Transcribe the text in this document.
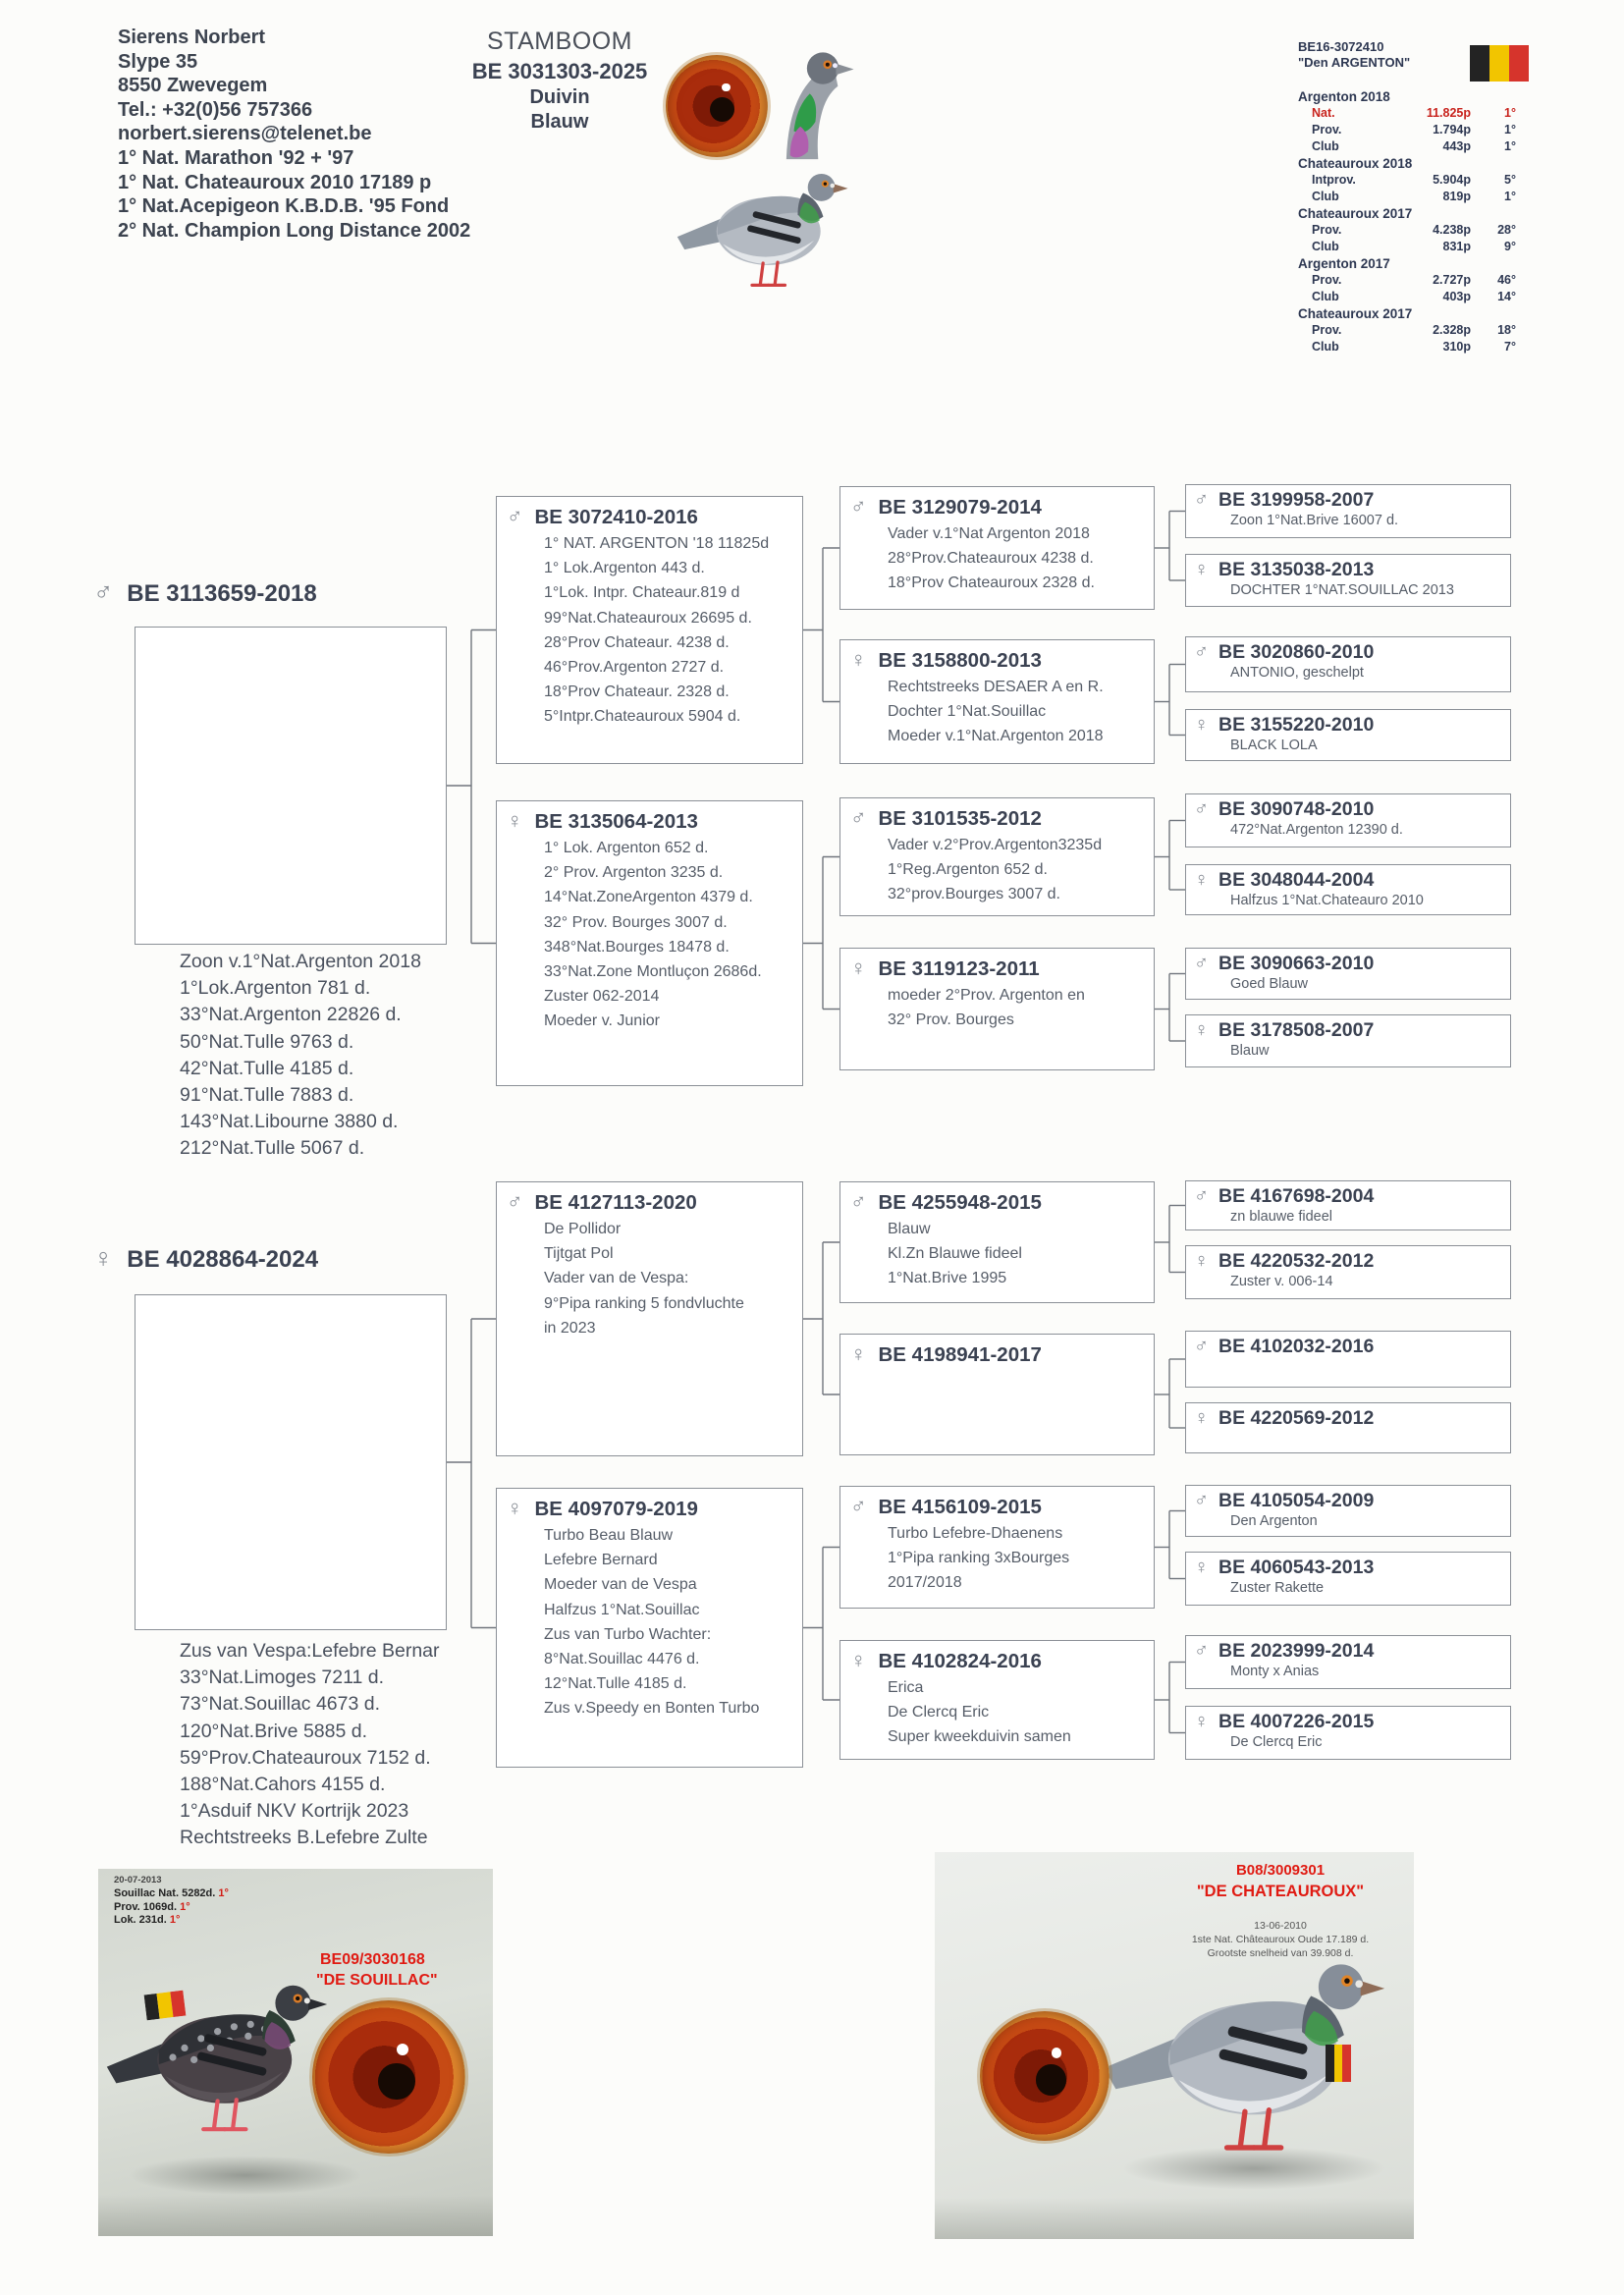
Sierens Norbert
Slype 35
8550 Zwevegem
Tel.: +32(0)56 757366
norbert.sierens@telenet.be
1° Nat. Marathon '92 + '97
1° Nat. Chateauroux 2010 17189 p
1° Nat.Acepigeon K.B.D.B. '95 Fond
2° Nat. Champion Long Distance 2002
STAMBOOM
BE 3031303-2025
Duivin
Blauw
BE16-3072410
"Den ARGENTON"
Argenton 2018
Nat.	11.825p	1°
Prov.	1.794p	1°
Club	443p	1°
Chateauroux 2018
Intprov.	5.904p	5°
Club	819p	1°
Chateauroux 2017
Prov.	4.238p	28°
Club	831p	9°
Argenton 2017
Prov.	2.727p	46°
Club	403p	14°
Chateauroux 2017
Prov.	2.328p	18°
Club	310p	7°
♂ BE 3113659-2018
Zoon v.1°Nat.Argenton 2018
1°Lok.Argenton 781 d.
33°Nat.Argenton 22826 d.
50°Nat.Tulle 9763 d.
42°Nat.Tulle 4185 d.
91°Nat.Tulle 7883 d.
143°Nat.Libourne 3880 d.
212°Nat.Tulle 5067 d.
♀ BE 4028864-2024
Zus van Vespa:Lefebre Bernar
33°Nat.Limoges 7211 d.
73°Nat.Souillac 4673 d.
120°Nat.Brive 5885 d.
59°Prov.Chateauroux 7152 d.
188°Nat.Cahors 4155 d.
1°Asduif NKV Kortrijk 2023
Rechtstreeks B.Lefebre Zulte
♂ BE 3072410-2016
1° NAT. ARGENTON '18 11825d
1° Lok.Argenton 443 d.
1°Lok. Intpr. Chateaur.819 d
99°Nat.Chateauroux 26695 d.
28°Prov Chateaur. 4238 d.
46°Prov.Argenton 2727 d.
18°Prov Chateaur. 2328 d.
5°Intpr.Chateauroux 5904 d.
♀ BE 3135064-2013
1° Lok. Argenton 652 d.
2° Prov. Argenton 3235 d.
14°Nat.ZoneArgenton 4379 d.
32° Prov. Bourges 3007 d.
348°Nat.Bourges 18478 d.
33°Nat.Zone Montluçon 2686d.
Zuster 062-2014
Moeder v. Junior
♂ BE 4127113-2020
De Pollidor
Tijtgat Pol
Vader van de Vespa:
9°Pipa ranking 5 fondvluchte
in 2023
♀ BE 4097079-2019
Turbo Beau Blauw
Lefebre Bernard
Moeder van de Vespa
Halfzus 1°Nat.Souillac
Zus van Turbo Wachter:
8°Nat.Souillac 4476 d.
12°Nat.Tulle 4185 d.
Zus v.Speedy en Bonten Turbo
♂ BE 3129079-2014
Vader v.1°Nat Argenton 2018
28°Prov.Chateauroux 4238 d.
18°Prov Chateauroux 2328 d.
♀ BE 3158800-2013
Rechtstreeks DESAER A en R.
Dochter 1°Nat.Souillac
Moeder v.1°Nat.Argenton 2018
♂ BE 3101535-2012
Vader v.2°Prov.Argenton3235d
1°Reg.Argenton 652 d.
32°prov.Bourges 3007 d.
♀ BE 3119123-2011
moeder 2°Prov. Argenton en
32° Prov. Bourges
♂ BE 4255948-2015
Blauw
Kl.Zn Blauwe fideel
1°Nat.Brive 1995
♀ BE 4198941-2017
♂ BE 4156109-2015
Turbo Lefebre-Dhaenens
1°Pipa ranking 3xBourges
2017/2018
♀ BE 4102824-2016
Erica
De Clercq Eric
Super kweekduivin samen
♂ BE 3199958-2007
Zoon 1°Nat.Brive 16007 d.
♀ BE 3135038-2013
DOCHTER 1°NAT.SOUILLAC 2013
♂ BE 3020860-2010
ANTONIO, geschelpt
♀ BE 3155220-2010
BLACK LOLA
♂ BE 3090748-2010
472°Nat.Argenton 12390 d.
♀ BE 3048044-2004
Halfzus 1°Nat.Chateauro 2010
♂ BE 3090663-2010
Goed Blauw
♀ BE 3178508-2007
Blauw
♂ BE 4167698-2004
zn blauwe fideel
♀ BE 4220532-2012
Zuster v. 006-14
♂ BE 4102032-2016
♀ BE 4220569-2012
♂ BE 4105054-2009
Den Argenton
♀ BE 4060543-2013
Zuster Rakette
♂ BE 2023999-2014
Monty x Anias
♀ BE 4007226-2015
De Clercq Eric
20-07-2013
Souillac Nat. 5282d. 1°
Prov. 1069d. 1°
Lok. 231d. 1°
BE09/3030168
"DE SOUILLAC"
B08/3009301
"DE CHATEAUROUX"
13-06-2010
1ste Nat. Châteauroux Oude 17.189 d.
Grootste snelheid van 39.908 d.
